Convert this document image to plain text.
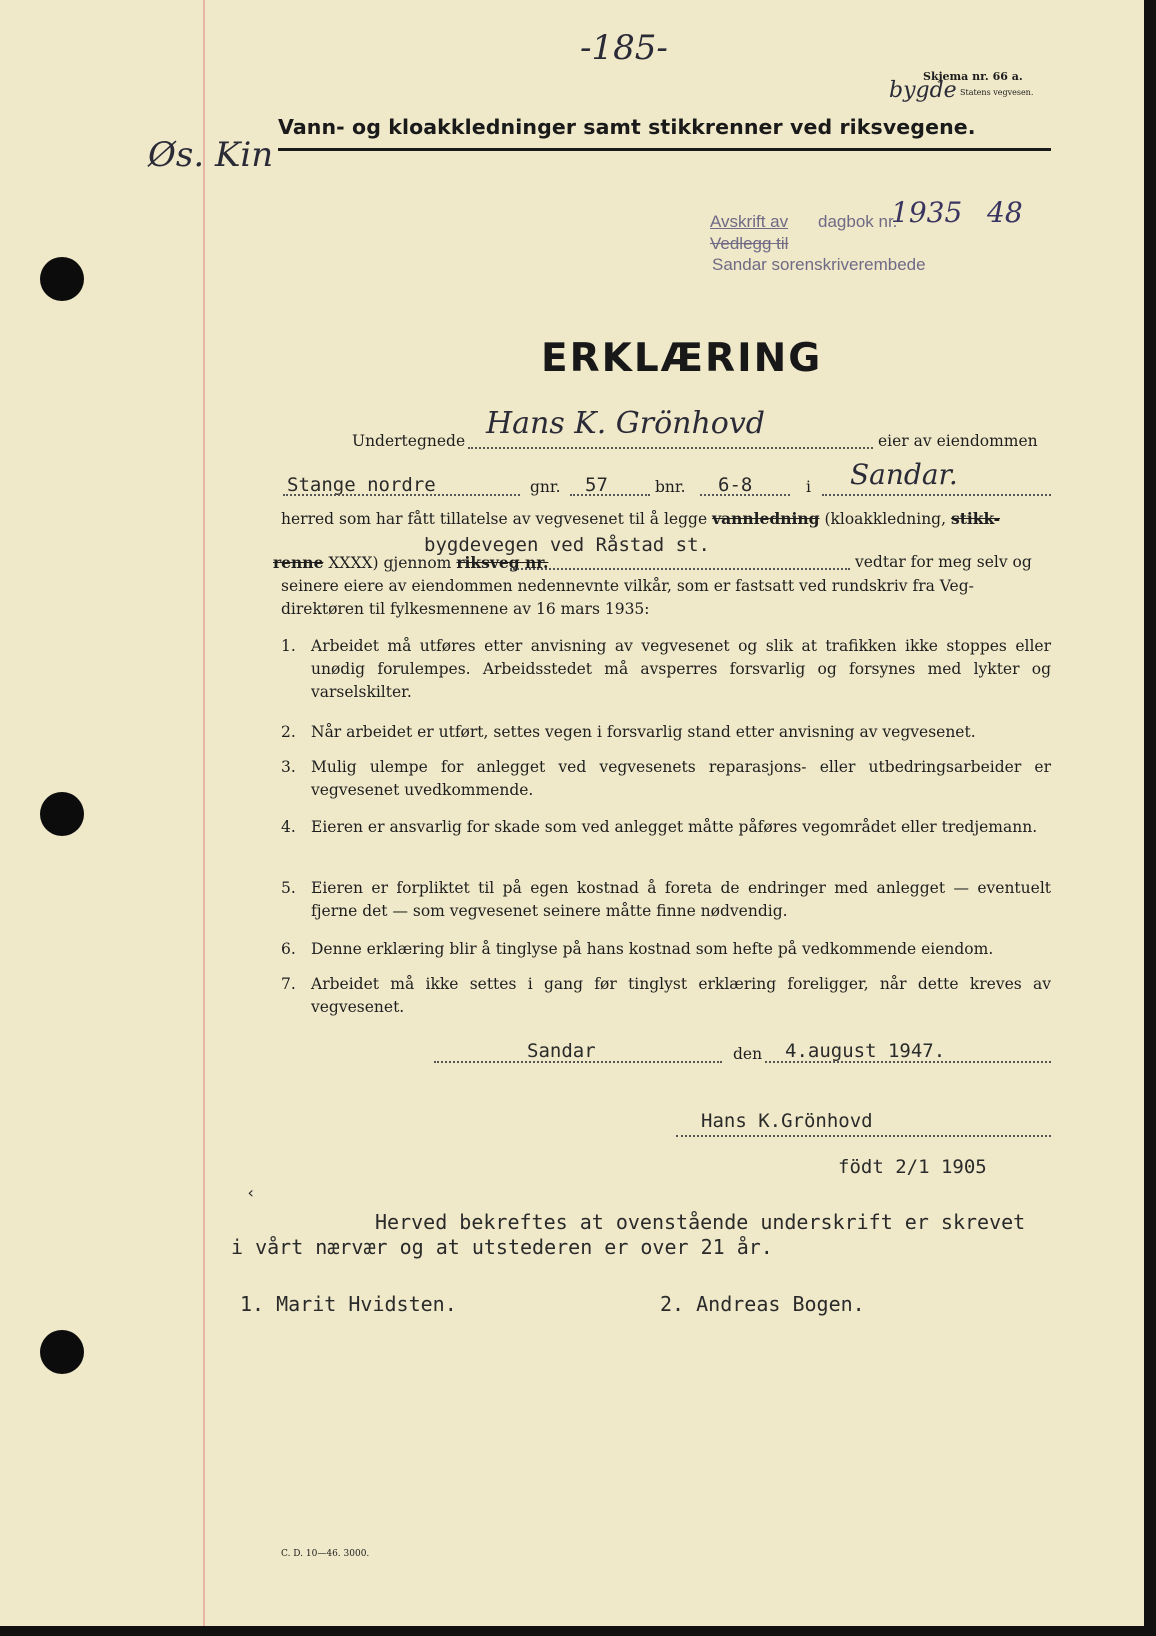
-185-
Skjema nr. 66 a.
Statens vegvesen.
bygde
Vann- og kloakkledninger samt stikkrenner ved riksvegene.
Øs. Kin
Avskrift av dagbok nr.
1935 48
Vedlegg til
Sandar sorenskriverembede
ERKLÆRING
Undertegnede Hans K. Grönhovd	eier av eiendommen
Stange nordre	gnr. 57	bnr. 6-8	i Sandar.
herred som har fått tillatelse av vegvesenet til å legge vannledning (kloakkledning, stikk-
bygdevegen ved Råstad st.
renne XXXX) gjennom riksveg nr.	vedtar for meg selv og
seinere eiere av eiendommen nedennevnte vilkår, som er fastsatt ved rundskriv fra Veg-
direktøren til fylkesmennene av 16 mars 1935:
1. Arbeidet må utføres etter anvisning av vegvesenet og slik at trafikken ikke stoppes eller unødig forulempes. Arbeidsstedet må avsperres forsvarlig og forsynes med lykter og varselskilter.
2. Når arbeidet er utført, settes vegen i forsvarlig stand etter anvisning av vegvesenet.
3. Mulig ulempe for anlegget ved vegvesenets reparasjons- eller utbedringsarbeider er vegvesenet uvedkommende.
4. Eieren er ansvarlig for skade som ved anlegget måtte påføres vegområdet eller tredjemann.
5. Eieren er forpliktet til på egen kostnad å foreta de endringer med anlegget — eventuelt fjerne det — som vegvesenet seinere måtte finne nødvendig.
6. Denne erklæring blir å tinglyse på hans kostnad som hefte på vedkommende eiendom.
7. Arbeidet må ikke settes i gang før tinglyst erklæring foreligger, når dette kreves av vegvesenet.
Sandar	den 4.august 1947.
Hans K.Grönhovd
födt 2/1 1905
‹
Herved bekreftes at ovenstående underskrift er skrevet
i vårt nærvær og at utstederen er over 21 år.
1. Marit Hvidsten.	2. Andreas Bogen.
C. D. 10—46. 3000.
